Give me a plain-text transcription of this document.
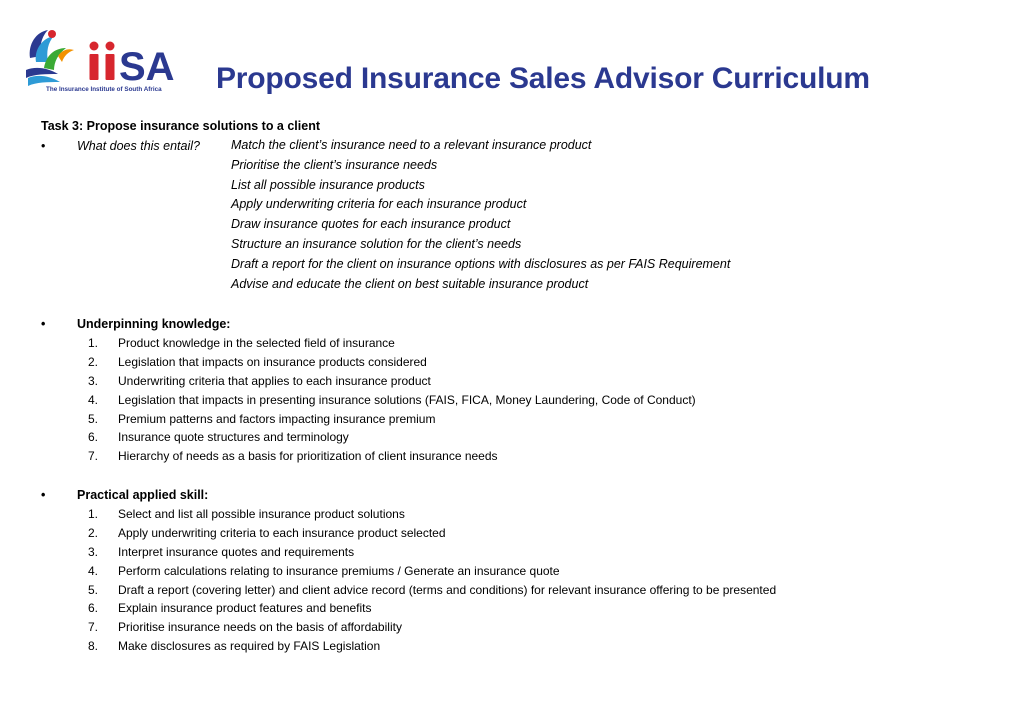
SA
The Insurance Institute of South Africa Proposed Insurance Sales Advisor Curriculum
Task 3: Propose insurance solutions to a client
•	What does this entail? Match the client’s insurance need to a relevant insurance product
Prioritise the client’s insurance needs
List all possible insurance products
Apply underwriting criteria for each insurance product
Draw insurance quotes for each insurance product
Structure an insurance solution for the client’s needs
Draft a report for the client on insurance options with disclosures as per FAIS Requirement
Advise and educate the client on best suitable insurance product
•	Underpinning knowledge:
1. Product knowledge in the selected field of insurance
2. Legislation that impacts on insurance products considered
3. Underwriting criteria that applies to each insurance product
4. Legislation that impacts in presenting insurance solutions (FAIS, FICA, Money Laundering, Code of Conduct)
5. Premium patterns and factors impacting insurance premium
6. Insurance quote structures and terminology
7. Hierarchy of needs as a basis for prioritization of client insurance needs
•	Practical applied skill:
1. Select and list all possible insurance product solutions
2. Apply underwriting criteria to each insurance product selected
3. Interpret insurance quotes and requirements
4. Perform calculations relating to insurance premiums / Generate an insurance quote
5. Draft a report (covering letter) and client advice record (terms and conditions) for relevant insurance offering to be presented
6. Explain insurance product features and benefits
7. Prioritise insurance needs on the basis of affordability
8. Make disclosures as required by FAIS Legislation
